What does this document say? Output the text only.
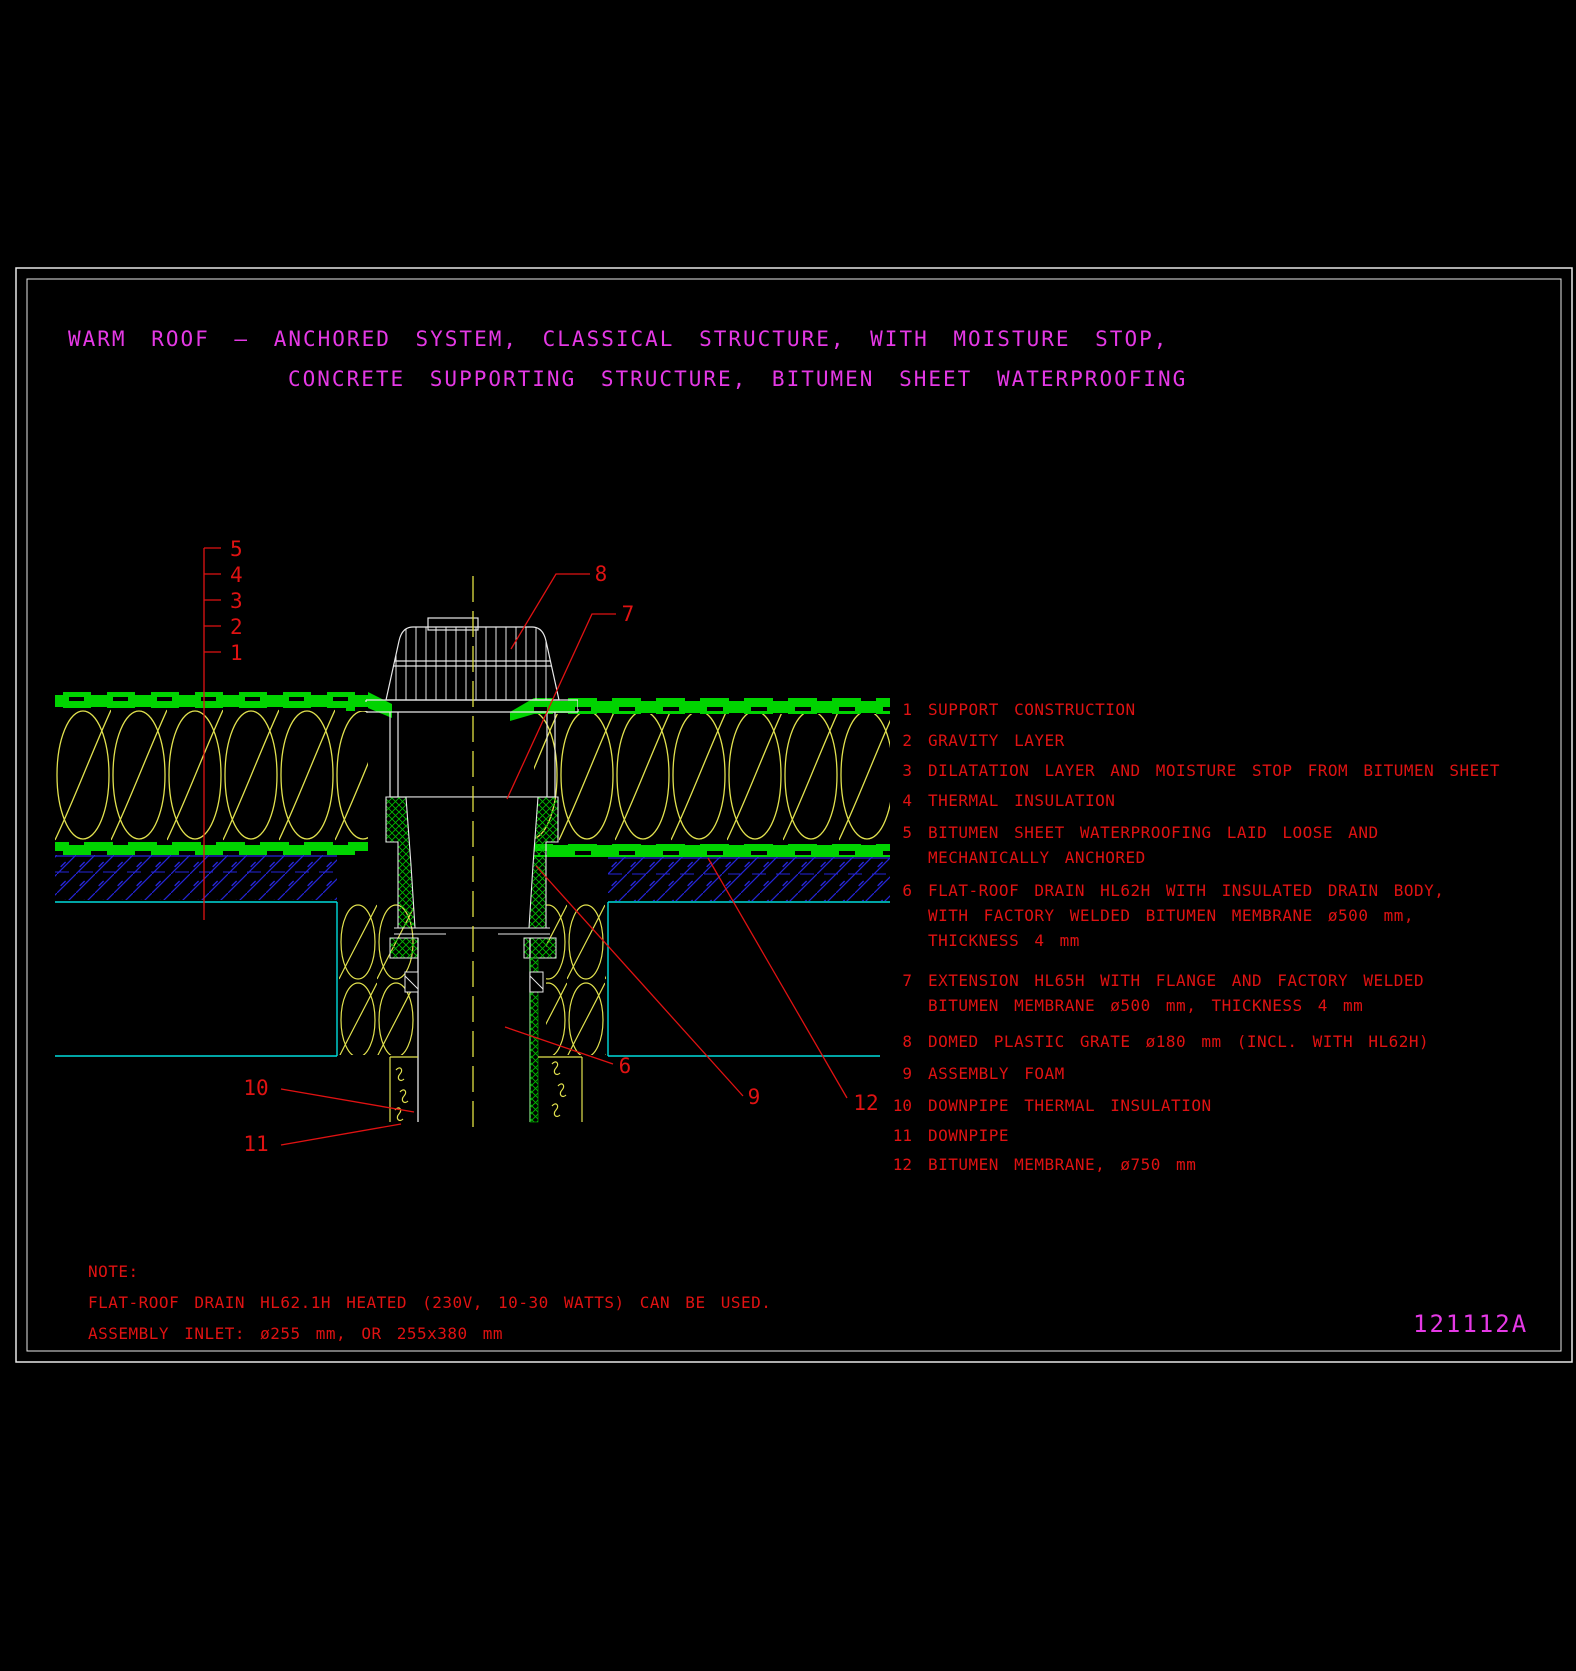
5
4
3
2
1
8
7
10
11
6
9	12
WARM ROOF — ANCHORED SYSTEM, CLASSICAL STRUCTURE, WITH MOISTURE STOP,
CONCRETE SUPPORTING STRUCTURE, BITUMEN SHEET WATERPROOFING
1 SUPPORT CONSTRUCTION
2 GRAVITY LAYER
3 DILATATION LAYER AND MOISTURE STOP FROM BITUMEN SHEET
4 THERMAL INSULATION
5 BITUMEN SHEET WATERPROOFING LAID LOOSE AND
MECHANICALLY ANCHORED
6 FLAT-ROOF DRAIN HL62H WITH INSULATED DRAIN BODY,
WITH FACTORY WELDED BITUMEN MEMBRANE ø500 mm,
THICKNESS 4 mm
7 EXTENSION HL65H WITH FLANGE AND FACTORY WELDED
BITUMEN MEMBRANE ø500 mm, THICKNESS 4 mm
8 DOMED PLASTIC GRATE ø180 mm (INCL. WITH HL62H)
9 ASSEMBLY FOAM
10 DOWNPIPE THERMAL INSULATION
11 DOWNPIPE
12 BITUMEN MEMBRANE, ø750 mm
NOTE:
FLAT-ROOF DRAIN HL62.1H HEATED (230V, 10-30 WATTS) CAN BE USED.
ASSEMBLY INLET: ø255 mm, OR 255x380 mm	121112A
